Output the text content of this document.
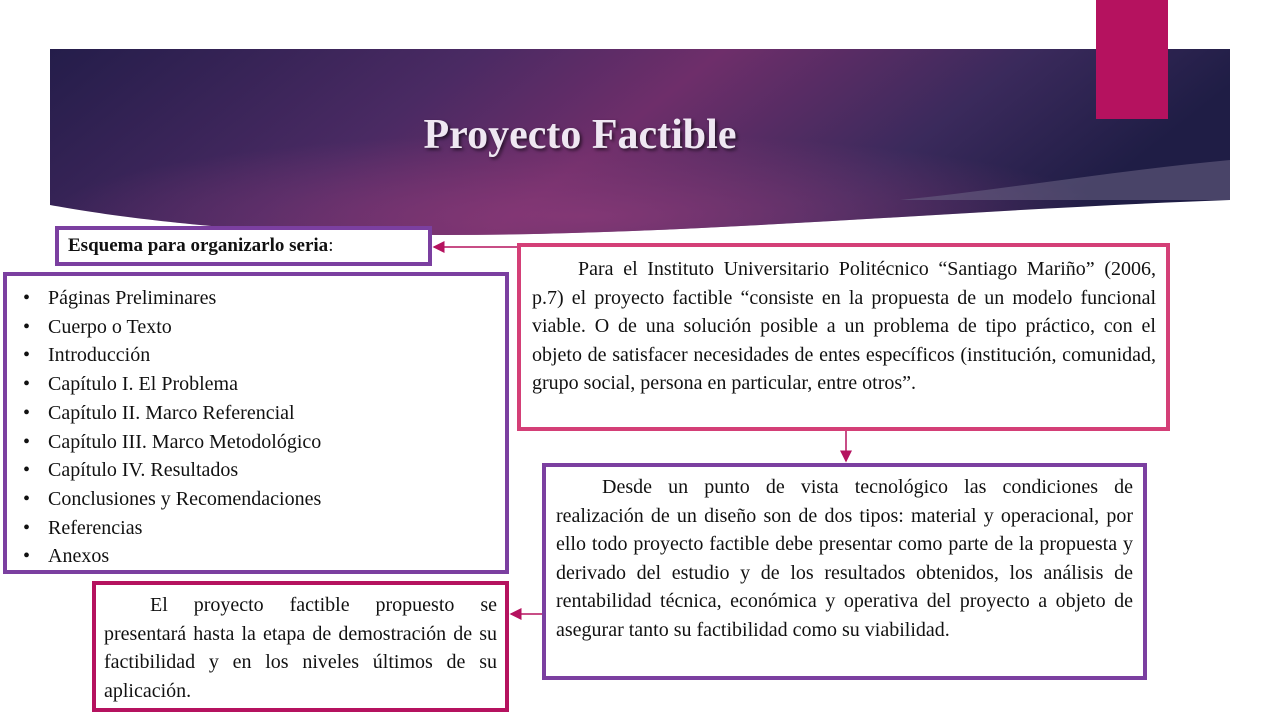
Proyecto Factible
Esquema para organizarlo seria:
• Páginas Preliminares
• Cuerpo o Texto
• Introducción
• Capítulo I. El Problema
• Capítulo II. Marco Referencial
• Capítulo III. Marco Metodológico
• Capítulo IV. Resultados
• Conclusiones y Recomendaciones
• Referencias
• Anexos

Para el Instituto Universitario Politécnico “Santiago Mariño” (2006, p.7) el proyecto factible “consiste en la propuesta de un modelo funcional viable. O de una solución posible a un problema de tipo práctico, con el objeto de satisfacer necesidades de entes específicos (institución, comunidad, grupo social, persona en particular, entre otros”.

Desde un punto de vista tecnológico las condiciones de realización de un diseño son de dos tipos: material y operacional, por ello todo proyecto factible debe presentar como parte de la propuesta y derivado del estudio y de los resultados obtenidos, los análisis de rentabilidad técnica, económica y operativa del proyecto a objeto de asegurar tanto su factibilidad como su viabilidad.

El proyecto factible propuesto se presentará hasta la etapa de demostración de su factibilidad y en los niveles últimos de su aplicación.
